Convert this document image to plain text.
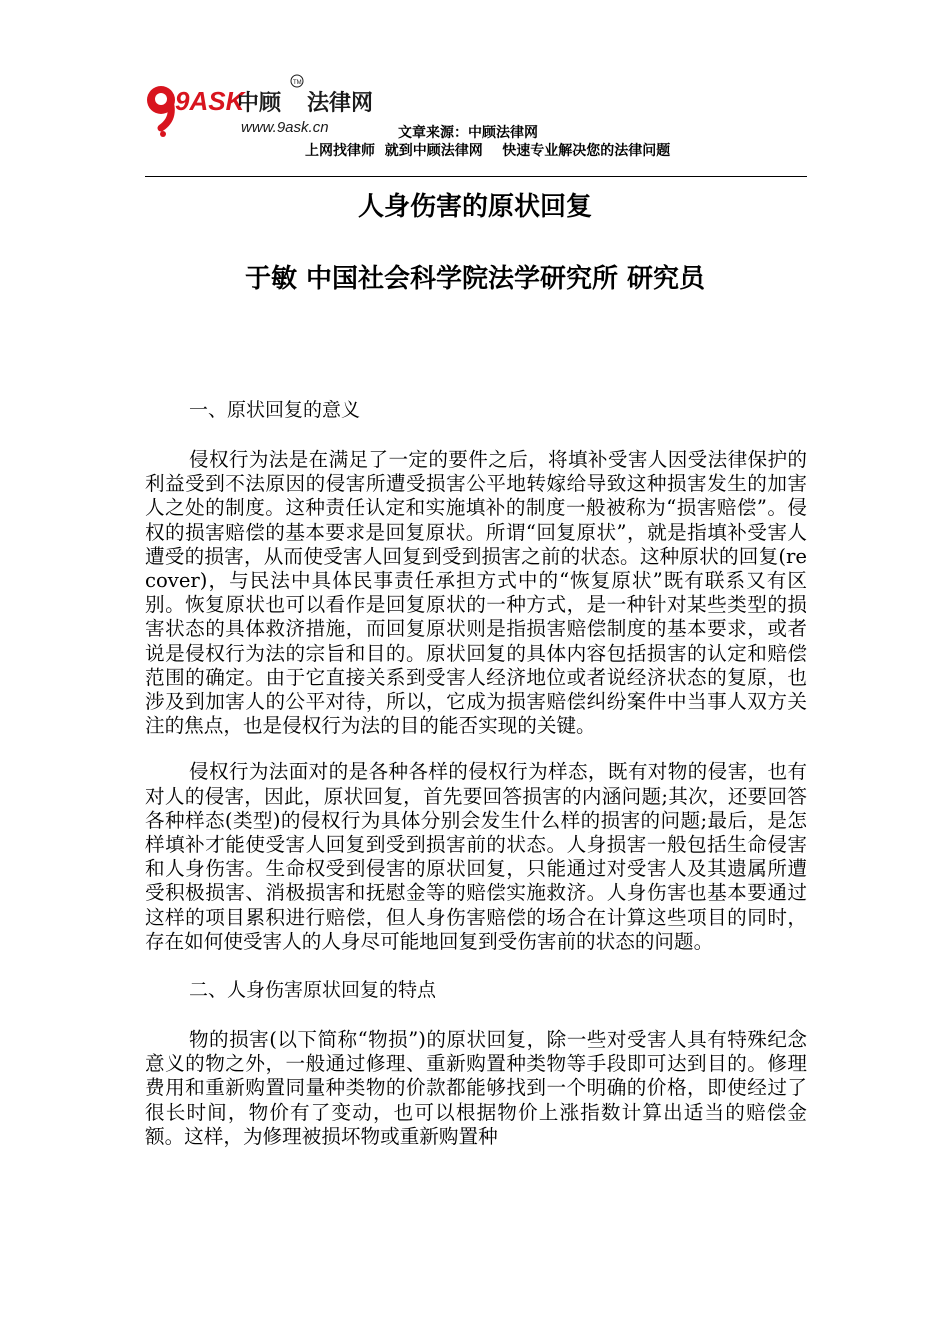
9ASK
中顾 法律网
TM
www.9ask.cn	文章来源：中顾法律网
上网找律师  就到中顾法律网    快速专业解决您的法律问题
人身伤害的原状回复
于敏 中国社会科学院法学研究所 研究员
一、原状回复的意义

侵权行为法是在满足了一定的要件之后，将填补受害人因受法律保护的利益受到不法原因的侵害所遭受损害公平地转嫁给导致这种损害发生的加害人之处的制度。这种责任认定和实施填补的制度一般被称为“损害赔偿”。侵权的损害赔偿的基本要求是回复原状。所谓“回复原状”，就是指填补受害人遭受的损害，从而使受害人回复到受到损害之前的状态。这种原状的回复(recover)，与民法中具体民事责任承担方式中的“恢复原状”既有联系又有区别。恢复原状也可以看作是回复原状的一种方式，是一种针对某些类型的损害状态的具体救济措施，而回复原状则是指损害赔偿制度的基本要求，或者说是侵权行为法的宗旨和目的。原状回复的具体内容包括损害的认定和赔偿范围的确定。由于它直接关系到受害人经济地位或者说经济状态的复原，也涉及到加害人的公平对待，所以，它成为损害赔偿纠纷案件中当事人双方关注的焦点，也是侵权行为法的目的能否实现的关键。

侵权行为法面对的是各种各样的侵权行为样态，既有对物的侵害，也有对人的侵害，因此，原状回复，首先要回答损害的内涵问题;其次，还要回答各种样态(类型)的侵权行为具体分别会发生什么样的损害的问题;最后，是怎样填补才能使受害人回复到受到损害前的状态。人身损害一般包括生命侵害和人身伤害。生命权受到侵害的原状回复，只能通过对受害人及其遗属所遭受积极损害、消极损害和抚慰金等的赔偿实施救济。人身伤害也基本要通过这样的项目累积进行赔偿，但人身伤害赔偿的场合在计算这些项目的同时，存在如何使受害人的人身尽可能地回复到受伤害前的状态的问题。

二、人身伤害原状回复的特点

物的损害(以下简称“物损”)的原状回复，除一些对受害人具有特殊纪念意义的物之外，一般通过修理、重新购置种类物等手段即可达到目的。修理费用和重新购置同量种类物的价款都能够找到一个明确的价格，即使经过了很长时间，物价有了变动，也可以根据物价上涨指数计算出适当的赔偿金额。这样，为修理被损坏物或重新购置种
